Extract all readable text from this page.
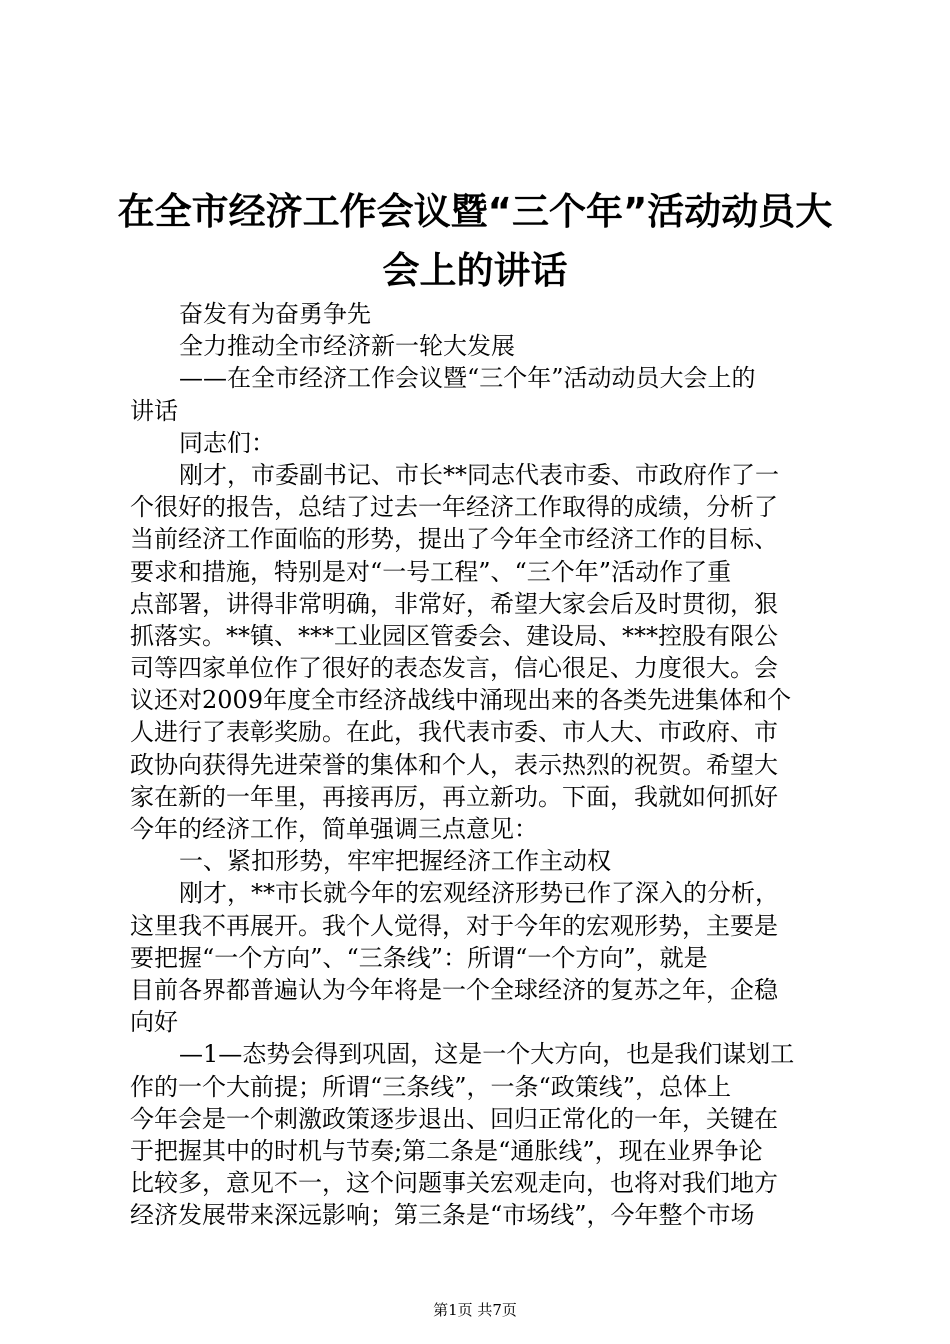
在全市经济工作会议暨“三个年”活动动员大
会上的讲话
奋发有为奋勇争先
全力推动全市经济新一轮大发展
——在全市经济工作会议暨“三个年”活动动员大会上的
讲话
同志们：
刚才，市委副书记、市长**同志代表市委、市政府作了一
个很好的报告，总结了过去一年经济工作取得的成绩，分析了
当前经济工作面临的形势，提出了今年全市经济工作的目标、
要求和措施，特别是对“一号工程”、“三个年”活动作了重
点部署，讲得非常明确，非常好，希望大家会后及时贯彻，狠
抓落实。**镇、***工业园区管委会、建设局、***控股有限公
司等四家单位作了很好的表态发言，信心很足、力度很大。会
议还对2009年度全市经济战线中涌现出来的各类先进集体和个
人进行了表彰奖励。在此，我代表市委、市人大、市政府、市
政协向获得先进荣誉的集体和个人，表示热烈的祝贺。希望大
家在新的一年里，再接再厉，再立新功。下面，我就如何抓好
今年的经济工作，简单强调三点意见：
一、紧扣形势，牢牢把握经济工作主动权
刚才，**市长就今年的宏观经济形势已作了深入的分析，
这里我不再展开。我个人觉得，对于今年的宏观形势，主要是
要把握“一个方向”、“三条线”：所谓“一个方向”，就是
目前各界都普遍认为今年将是一个全球经济的复苏之年，企稳
向好
—1—态势会得到巩固，这是一个大方向，也是我们谋划工
作的一个大前提；所谓“三条线”，一条“政策线”，总体上
今年会是一个刺激政策逐步退出、回归正常化的一年，关键在
于把握其中的时机与节奏;第二条是“通胀线”，现在业界争论
比较多，意见不一，这个问题事关宏观走向，也将对我们地方
经济发展带来深远影响；第三条是“市场线”，今年整个市场
第1页 共7页
